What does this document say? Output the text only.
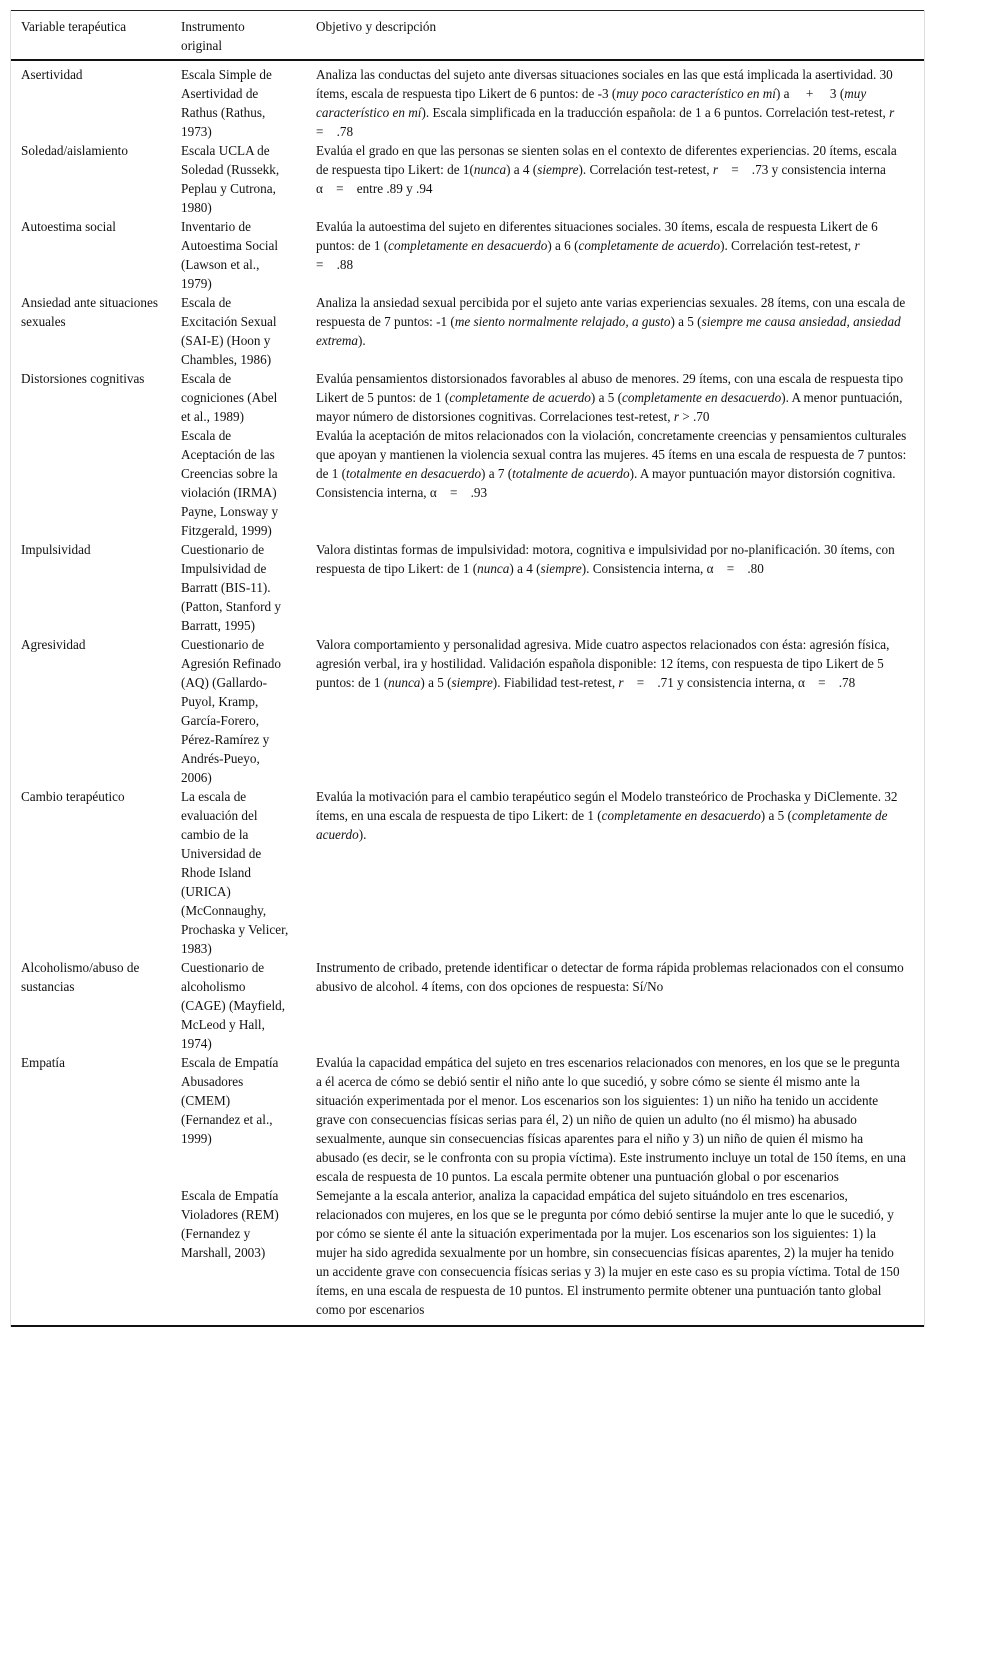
Variable terapéutica	Instrumento original	Objetivo y descripción
Asertividad	Escala Simple de Asertividad de Rathus (Rathus, 1973)	Analiza las conductas del sujeto ante diversas situaciones sociales en las que está implicada la asertividad. 30 ítems, escala de respuesta tipo Likert de 6 puntos: de -3 (muy poco característico en mí) a  +  3 (muy característico en mí). Escala simplificada en la traducción española: de 1 a 6 puntos. Correlación test-retest, r = .78
Soledad/aislamiento	Escala UCLA de Soledad (Russekk, Peplau y Cutrona, 1980)	Evalúa el grado en que las personas se sienten solas en el contexto de diferentes experiencias. 20 ítems, escala de respuesta tipo Likert: de 1(nunca) a 4 (siempre). Correlación test-retest, r = .73 y consistencia interna α = entre .89 y .94
Autoestima social	Inventario de Autoestima Social (Lawson et al., 1979)	Evalúa la autoestima del sujeto en diferentes situaciones sociales. 30 ítems, escala de respuesta Likert de 6 puntos: de 1 (completamente en desacuerdo) a 6 (completamente de acuerdo). Correlación test-retest, r = .88
Ansiedad ante situaciones sexuales	Escala de Excitación Sexual (SAI-E) (Hoon y Chambles, 1986)	Analiza la ansiedad sexual percibida por el sujeto ante varias experiencias sexuales. 28 ítems, con una escala de respuesta de 7 puntos: -1 (me siento normalmente relajado, a gusto) a 5 (siempre me causa ansiedad, ansiedad extrema).
Distorsiones cognitivas	Escala de cogniciones (Abel et al., 1989)	Evalúa pensamientos distorsionados favorables al abuso de menores. 29 ítems, con una escala de respuesta tipo Likert de 5 puntos: de 1 (completamente de acuerdo) a 5 (completamente en desacuerdo). A menor puntuación, mayor número de distorsiones cognitivas. Correlaciones test-retest, r > .70

	Escala de Aceptación de las Creencias sobre la violación (IRMA) Payne, Lonsway y Fitzgerald, 1999)	Evalúa la aceptación de mitos relacionados con la violación, concretamente creencias y pensamientos culturales que apoyan y mantienen la violencia sexual contra las mujeres. 45 ítems en una escala de respuesta de 7 puntos: de 1 (totalmente en desacuerdo) a 7 (totalmente de acuerdo). A mayor puntuación mayor distorsión cognitiva. Consistencia interna, α = .93
Impulsividad	Cuestionario de Impulsividad de Barratt (BIS-11). (Patton, Stanford y Barratt, 1995)	Valora distintas formas de impulsividad: motora, cognitiva e impulsividad por no-planificación. 30 ítems, con respuesta de tipo Likert: de 1 (nunca) a 4 (siempre). Consistencia interna, α = .80
Agresividad	Cuestionario de Agresión Refinado (AQ) (Gallardo-Puyol, Kramp, García-Forero, Pérez-Ramírez y Andrés-Pueyo, 2006)	Valora comportamiento y personalidad agresiva. Mide cuatro aspectos relacionados con ésta: agresión física, agresión verbal, ira y hostilidad. Validación española disponible: 12 ítems, con respuesta de tipo Likert de 5 puntos: de 1 (nunca) a 5 (siempre). Fiabilidad test-retest, r = .71 y consistencia interna, α = .78
Cambio terapéutico	La escala de evaluación del cambio de la Universidad de Rhode Island (URICA) (McConnaughy, Prochaska y Velicer, 1983)	Evalúa la motivación para el cambio terapéutico según el Modelo transteórico de Prochaska y DiClemente. 32 ítems, en una escala de respuesta de tipo Likert: de 1 (completamente en desacuerdo) a 5 (completamente de acuerdo).
Alcoholismo/abuso de sustancias	Cuestionario de alcoholismo (CAGE) (Mayfield, McLeod y Hall, 1974)	Instrumento de cribado, pretende identificar o detectar de forma rápida problemas relacionados con el consumo abusivo de alcohol. 4 ítems, con dos opciones de respuesta: Sí/No
Empatía	Escala de Empatía Abusadores (CMEM) (Fernandez et al., 1999)	Evalúa la capacidad empática del sujeto en tres escenarios relacionados con menores, en los que se le pregunta a él acerca de cómo se debió sentir el niño ante lo que sucedió, y sobre cómo se siente él mismo ante la situación experimentada por el menor. Los escenarios son los siguientes: 1) un niño ha tenido un accidente grave con consecuencias físicas serias para él, 2) un niño de quien un adulto (no él mismo) ha abusado sexualmente, aunque sin consecuencias físicas aparentes para el niño y 3) un niño de quien él mismo ha abusado (es decir, se le confronta con su propia víctima). Este instrumento incluye un total de 150 ítems, en una escala de respuesta de 10 puntos. La escala permite obtener una puntuación global o por escenarios

	Escala de Empatía Violadores (REM) (Fernandez y Marshall, 2003)	Semejante a la escala anterior, analiza la capacidad empática del sujeto situándolo en tres escenarios, relacionados con mujeres, en los que se le pregunta por cómo debió sentirse la mujer ante lo que le sucedió, y por cómo se siente él ante la situación experimentada por la mujer. Los escenarios son los siguientes: 1) la mujer ha sido agredida sexualmente por un hombre, sin consecuencias físicas aparentes, 2) la mujer ha tenido un accidente grave con consecuencia físicas serias y 3) la mujer en este caso es su propia víctima. Total de 150 ítems, en una escala de respuesta de 10 puntos. El instrumento permite obtener una puntuación tanto global como por escenarios
